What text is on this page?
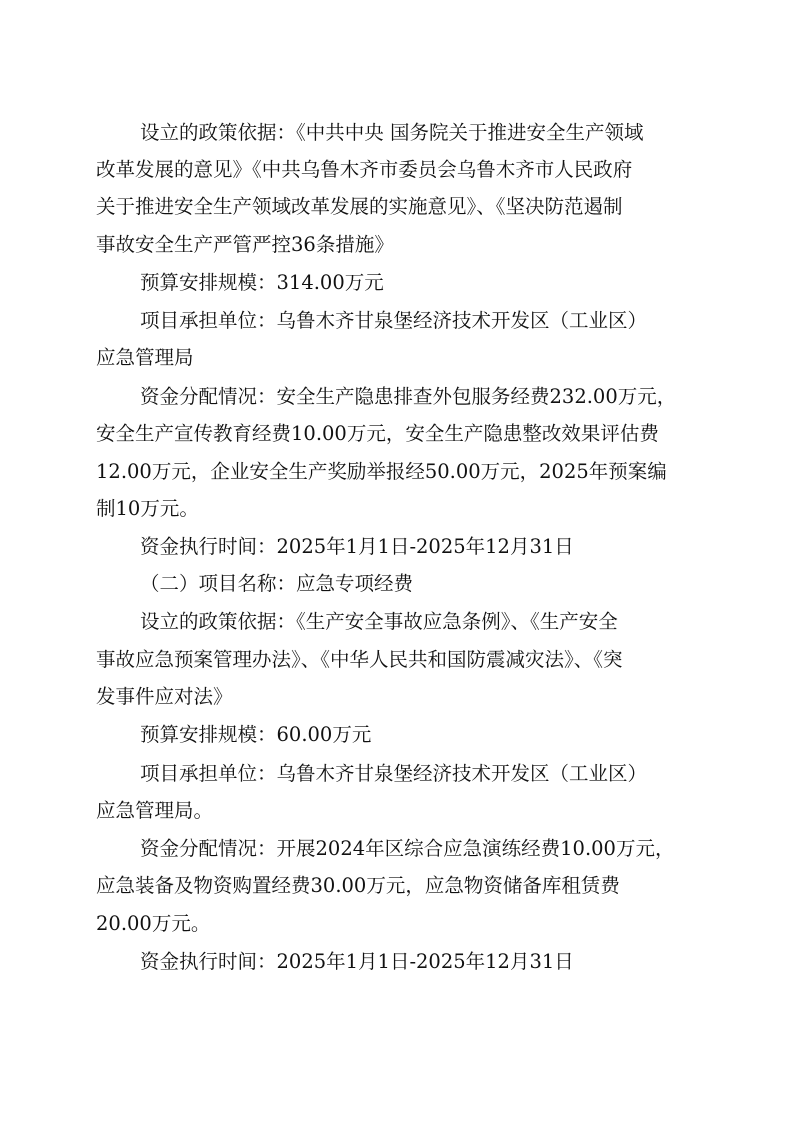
设立的政策依据：《中共中央 国务院关于推进安全生产领域
改革发展的意见》《中共乌鲁木齐市委员会乌鲁木齐市人民政府
关于推进安全生产领域改革发展的实施意见》、《坚决防范遏制
事故安全生产严管严控36条措施》
预算安排规模：314.00万元
项目承担单位：乌鲁木齐甘泉堡经济技术开发区（工业区）
应急管理局
资金分配情况：安全生产隐患排查外包服务经费232.00万元，
安全生产宣传教育经费10.00万元，安全生产隐患整改效果评估费
12.00万元，企业安全生产奖励举报经50.00万元，2025年预案编
制10万元。
资金执行时间：2025年1月1日-2025年12月31日
（二）项目名称：应急专项经费
设立的政策依据：《生产安全事故应急条例》、《生产安全
事故应急预案管理办法》、《中华人民共和国防震减灾法》、《突
发事件应对法》
预算安排规模：60.00万元
项目承担单位：乌鲁木齐甘泉堡经济技术开发区（工业区）
应急管理局。
资金分配情况：开展2024年区综合应急演练经费10.00万元，
应急装备及物资购置经费30.00万元，应急物资储备库租赁费
20.00万元。
资金执行时间：2025年1月1日-2025年12月31日
